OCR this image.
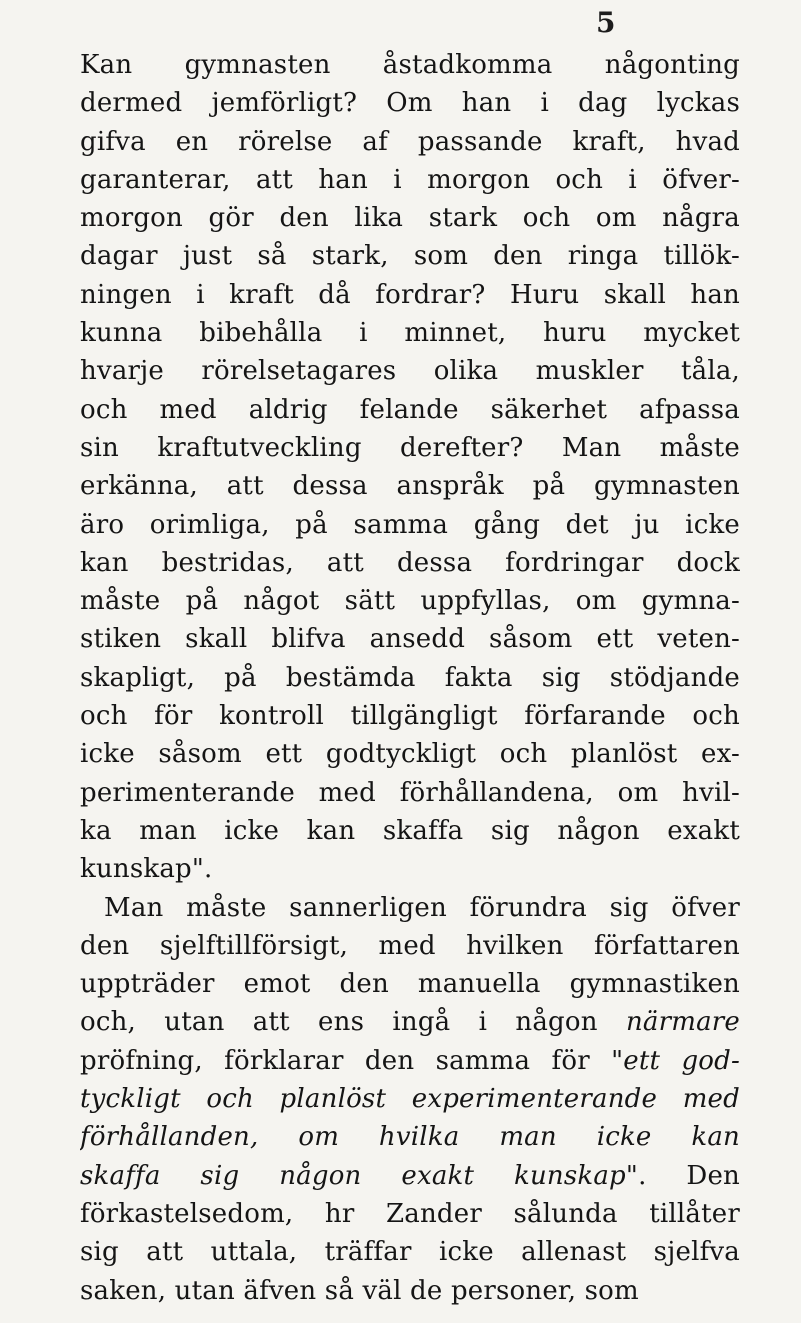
5
Kan gymnasten åstadkomma någonting
dermed jemförligt? Om han i dag lyckas
gifva en rörelse af passande kraft, hvad
garanterar, att han i morgon och i öfver-
morgon gör den lika stark och om några
dagar just så stark, som den ringa tillök-
ningen i kraft då fordrar? Huru skall han
kunna bibehålla i minnet, huru mycket
hvarje rörelsetagares olika muskler tåla,
och med aldrig felande säkerhet afpassa
sin kraftutveckling derefter? Man måste
erkänna, att dessa anspråk på gymnasten
äro orimliga, på samma gång det ju icke
kan bestridas, att dessa fordringar dock
måste på något sätt uppfyllas, om gymna-
stiken skall blifva ansedd såsom ett veten-
skapligt, på bestämda fakta sig stödjande
och för kontroll tillgängligt förfarande och
icke såsom ett godtyckligt och planlöst ex-
perimenterande med förhållandena, om hvil-
ka man icke kan skaffa sig någon exakt
kunskap".
Man måste sannerligen förundra sig öfver
den sjelftillförsigt, med hvilken författaren
uppträder emot den manuella gymnastiken
och, utan att ens ingå i någon närmare
pröfning, förklarar den samma för "ett god-
tyckligt och planlöst experimenterande med
förhållanden, om hvilka man icke kan
skaffa sig någon exakt kunskap". Den
förkastelsedom, hr Zander sålunda tillåter
sig att uttala, träffar icke allenast sjelfva
saken, utan äfven så väl de personer, som
